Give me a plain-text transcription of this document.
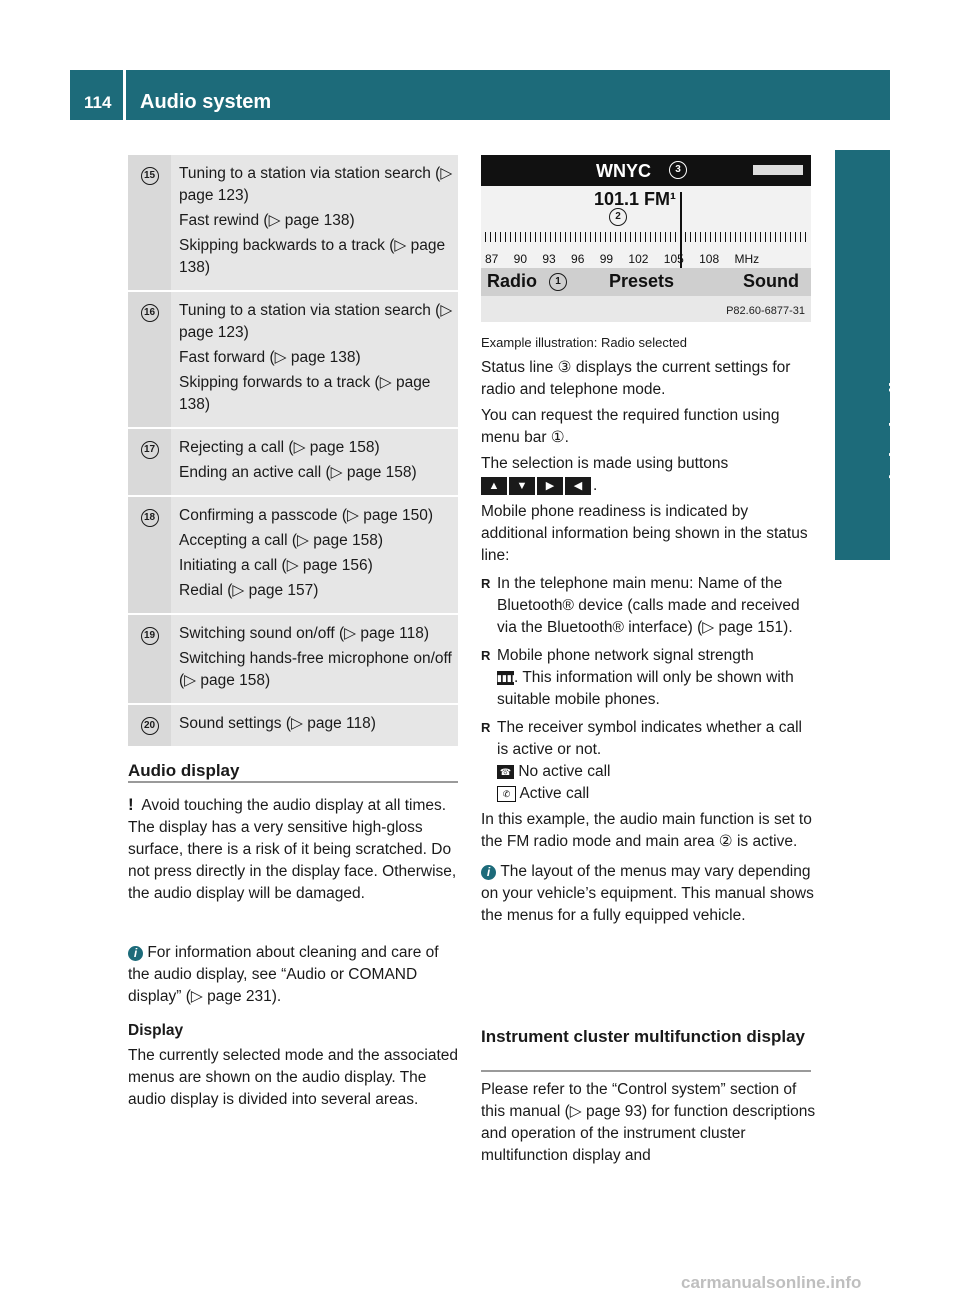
114 Audio system
Controls in detail
15	Tuning to a station via station search (▷ page 123)

Fast rewind (▷ page 138)

Skipping backwards to a track (▷ page 138)

16	Tuning to a station via station search (▷ page 123)

Fast forward (▷ page 138)

Skipping forwards to a track (▷ page 138)

17	Rejecting a call (▷ page 158)

Ending an active call (▷ page 158)

18	Confirming a passcode (▷ page 150)

Accepting a call (▷ page 158)

Initiating a call (▷ page 156)

Redial (▷ page 157)

19	Switching sound on/off (▷ page 118)

Switching hands-free microphone on/off (▷ page 158)

20	Sound settings (▷ page 118)

Audio display

! Avoid touching the audio display at all times. The display has a very sensitive high-gloss surface, there is a risk of it being scratched. Do not press directly in the display face. Otherwise, the audio display will be damaged.

i For information about cleaning and care of the audio display, see “Audio or COMAND display” (▷ page 231).

Display

The currently selected mode and the associated menus are shown on the audio display. The audio display is divided into several areas.

WNYC	3
101.1 FM¹
2
87 90 93 96 99 102 105 108 MHz
Radio	1	Presets	Sound
P82.60-6877-31
Example illustration: Radio selected

Status line ③ displays the current settings for radio and telephone mode.

You can request the required function using menu bar ①.

The selection is made using buttons
▲ ▼ ▶ ◀ .

Mobile phone readiness is indicated by additional information being shown in the status line:

R In the telephone main menu: Name of the Bluetooth® device (calls made and received via the Bluetooth® interface) (▷ page 151).
R Mobile phone network signal strength
▮▮▮▮. This information will only be shown with suitable mobile phones.
R The receiver symbol indicates whether a call is active or not.
☎ No active call
✆ Active call

In this example, the audio main function is set to the FM radio mode and main area ② is active.

i The layout of the menus may vary depending on your vehicle’s equipment. This manual shows the menus for a fully equipped vehicle.

Instrument cluster multifunction display
Please refer to the “Control system” section of this manual (▷ page 93) for function descriptions and operation of the instrument cluster multifunction display and
carmanualsonline.info
